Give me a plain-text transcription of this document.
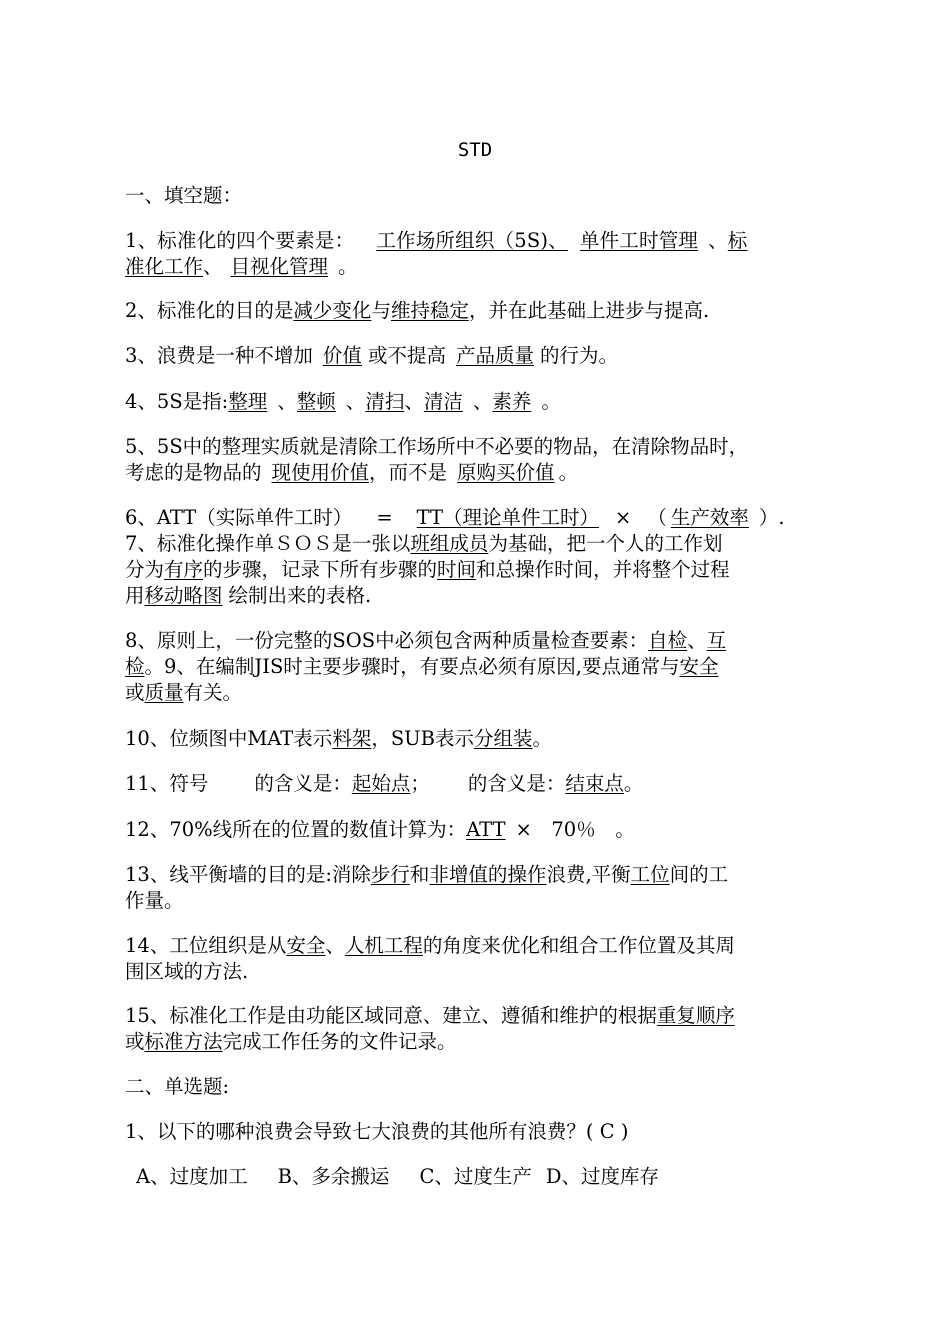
STD

一、填空题：

1、标准化的四个要素是： 工作场所组织（5S)、 单件工时管理 、标
准化工作、 目视化管理 。
2、标准化的目的是减少变化与维持稳定，并在此基础上进步与提高.
3、浪费是一种不增加 价值 或不提高 产品质量 的行为。
4、5S是指:整理 、整顿 、清扫、清洁 、素养 。
5、5S中的整理实质就是清除工作场所中不必要的物品，在清除物品时，
考虑的是物品的 现使用价值，而不是 原购买价值 。
6、ATT（实际单件工时） = TT（理论单件工时） × （ 生产效率 ）.
7、标准化操作单ＳＯＳ是一张以班组成员为基础，把一个人的工作划
分为有序的步骤，记录下所有步骤的时间和总操作时间，并将整个过程
用移动略图 绘制出来的表格.
8、原则上，一份完整的SOS中必须包含两种质量检查要素：自检、互
检。9、在编制JIS时主要步骤时，有要点必须有原因,要点通常与安全
或质量有关。
10、位频图中MAT表示料架，SUB表示分组装。
11、符号 的含义是：起始点； 的含义是：结束点。
12、70%线所在的位置的数值计算为：ATT ×　70％　。
13、线平衡墙的目的是:消除步行和非增值的操作浪费,平衡工位间的工
作量。
14、工位组织是从安全、人机工程的角度来优化和组合工作位置及其周
围区域的方法.
15、标准化工作是由功能区域同意、建立、遵循和维护的根据重复顺序
或标准方法完成工作任务的文件记录。

二、单选题:

1、以下的哪种浪费会导致七大浪费的其他所有浪费？( C )
A、过度加工 B、多余搬运 C、过度生产 D、过度库存
